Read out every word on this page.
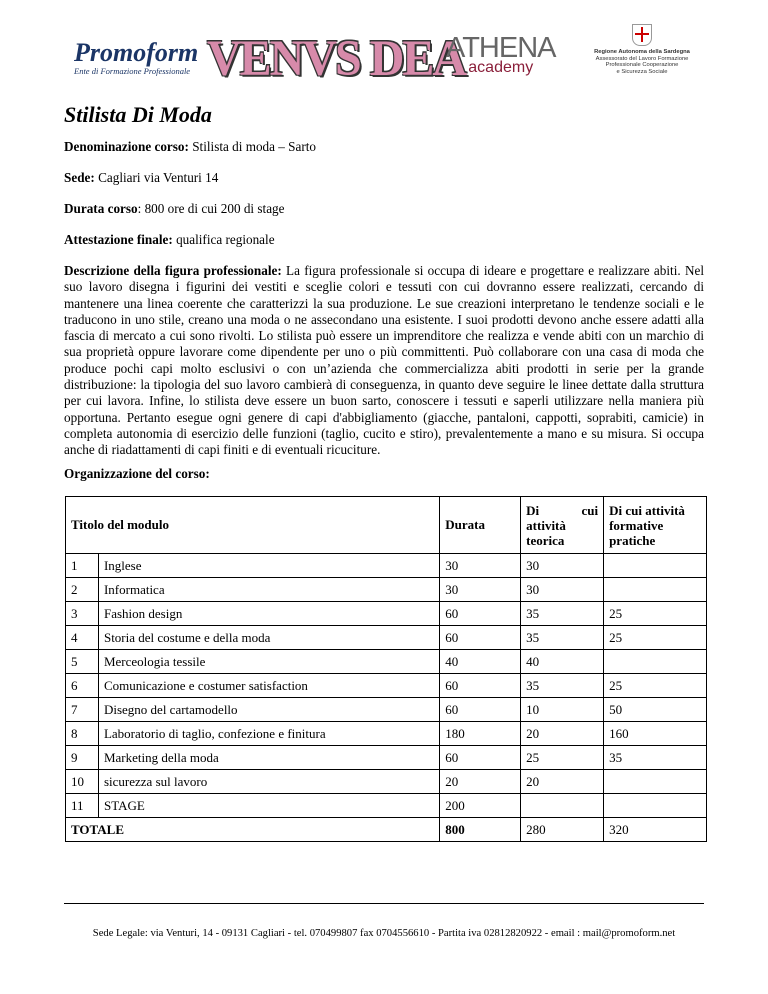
Promoform
Ente di Formazione Professionale VENVS DEA
ATHENA
academy
Regione Autonoma della Sardegna
Assessorato del Lavoro Formazione
Professionale Cooperazione
e Sicurezza Sociale
Stilista Di Moda
Denominazione corso: Stilista di moda – Sarto
Sede: Cagliari via Venturi 14
Durata corso: 800 ore di cui 200 di stage
Attestazione finale: qualifica regionale
Descrizione della figura professionale: La figura professionale si occupa di ideare e progettare e realizzare abiti. Nel suo lavoro disegna i figurini dei vestiti e sceglie colori e tessuti con cui dovranno essere realizzati, cercando di mantenere una linea coerente che caratterizzi la sua produzione. Le sue creazioni interpretano le tendenze sociali e le traducono in uno stile, creano una moda o ne assecondano una esistente. I suoi prodotti devono anche essere adatti alla fascia di mercato a cui sono rivolti. Lo stilista può essere un imprenditore che realizza e vende abiti con un marchio di sua proprietà oppure lavorare come dipendente per uno o più committenti. Può collaborare con una casa di moda che produce pochi capi molto esclusivi o con un’azienda che commercializza abiti prodotti in serie per la grande distribuzione: la tipologia del suo lavoro cambierà di conseguenza, in quanto deve seguire le linee dettate dalla struttura per cui lavora. Infine, lo stilista deve essere un buon sarto, conoscere i tessuti e saperli utilizzare nella maniera più opportuna. Pertanto esegue ogni genere di capi d'abbigliamento (giacche, pantaloni, cappotti, soprabiti, camicie) in completa autonomia di esercizio delle funzioni (taglio, cucito e stiro), prevalentemente a mano e su misura. Si occupa anche di riadattamenti di capi finiti e di eventuali ricuciture.
Organizzazione del corso:
Titolo del modulo		Durata	Di cui attività teorica	Di cui attività formative pratiche
1	Inglese	30	30	
2	Informatica	30	30	
3	Fashion design	60	35	25
4	Storia del costume e della moda	60	35	25
5	Merceologia tessile	40	40	
6	Comunicazione e costumer satisfaction	60	35	25
7	Disegno del cartamodello	60	10	50
8	Laboratorio di taglio, confezione e finitura	180	20	160
9	Marketing della moda	60	25	35
10	sicurezza sul lavoro	20	20	
11	STAGE	200		
TOTALE		800	280	320
Sede Legale: via Venturi, 14 - 09131 Cagliari - tel. 070499807 fax 0704556610 - Partita iva 02812820922 - email : mail@promoform.net
